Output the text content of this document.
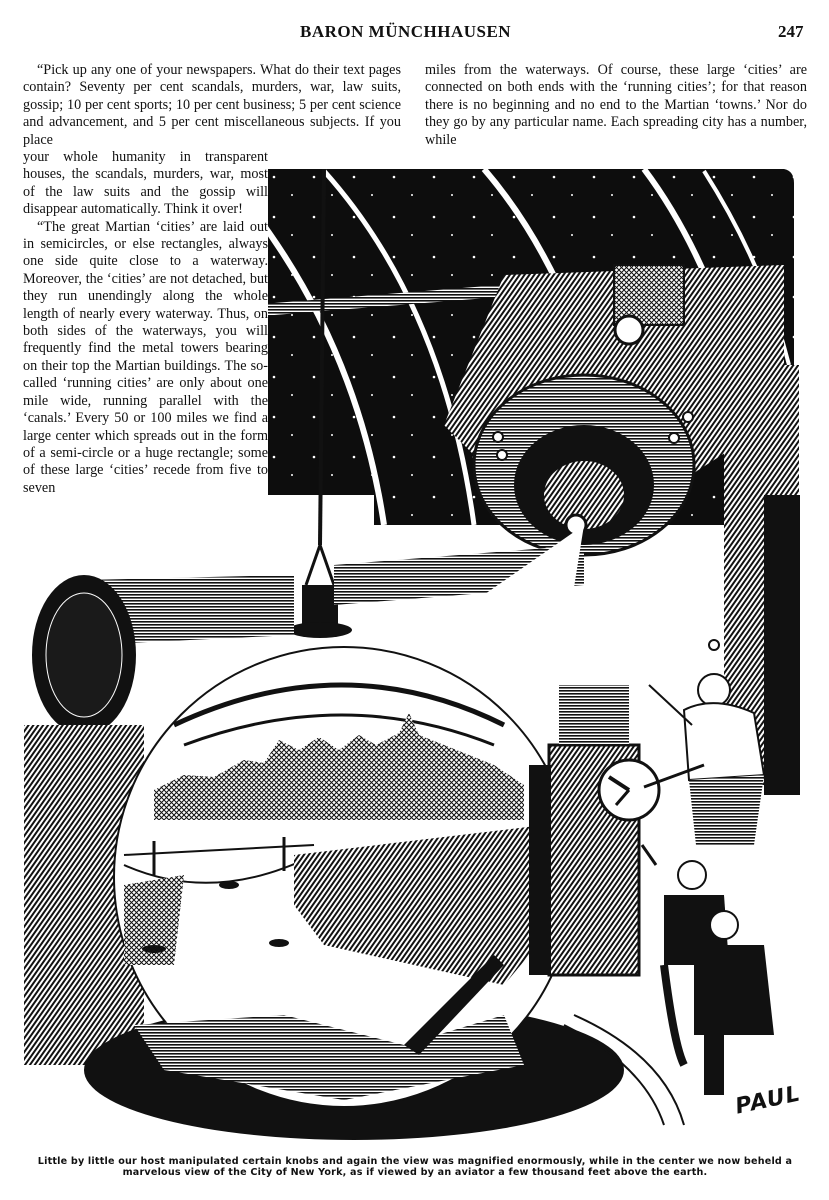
BARON MÜNCHHAUSEN	247

“Pick up any one of your newspapers. What do their text pages contain? Seventy per cent scandals, murders, war, law suits, gossip; 10 per cent sports; 10 per cent business; 5 per cent science and advancement, and 5 per cent miscellaneous subjects. If you place

your whole humanity in transparent houses, the scandals, murders, war, most of the law suits and the gossip will disappear automatically. Think it over!

“The great Martian ‘cities’ are laid out in semicircles, or else rectangles, always one side quite close to a waterway. Moreover, the ‘cities’ are not detached, but they run unendingly along the whole length of nearly every waterway. Thus, on both sides of the waterways, you will frequently find the metal towers bearing on their top the Martian buildings. The so-called ‘running cities’ are only about one mile wide, running parallel with the ‘canals.’ Every 50 or 100 miles we find a large center which spreads out in the form of a semi-circle or a huge rectangle; some of these large ‘cities’ recede from five to seven

miles from the waterways. Of course, these large ‘cities’ are connected on both ends with the ‘running cities’; for that reason there is no beginning and no end to the Martian ‘towns.’ Nor do they go by any particular name. Each spreading city has a number, while

PAUL
Little by little our host manipulated certain knobs and again the view was magnified enormously, while in the center we now beheld a
marvelous view of the City of New York, as if viewed by an aviator a few thousand feet above the earth.
